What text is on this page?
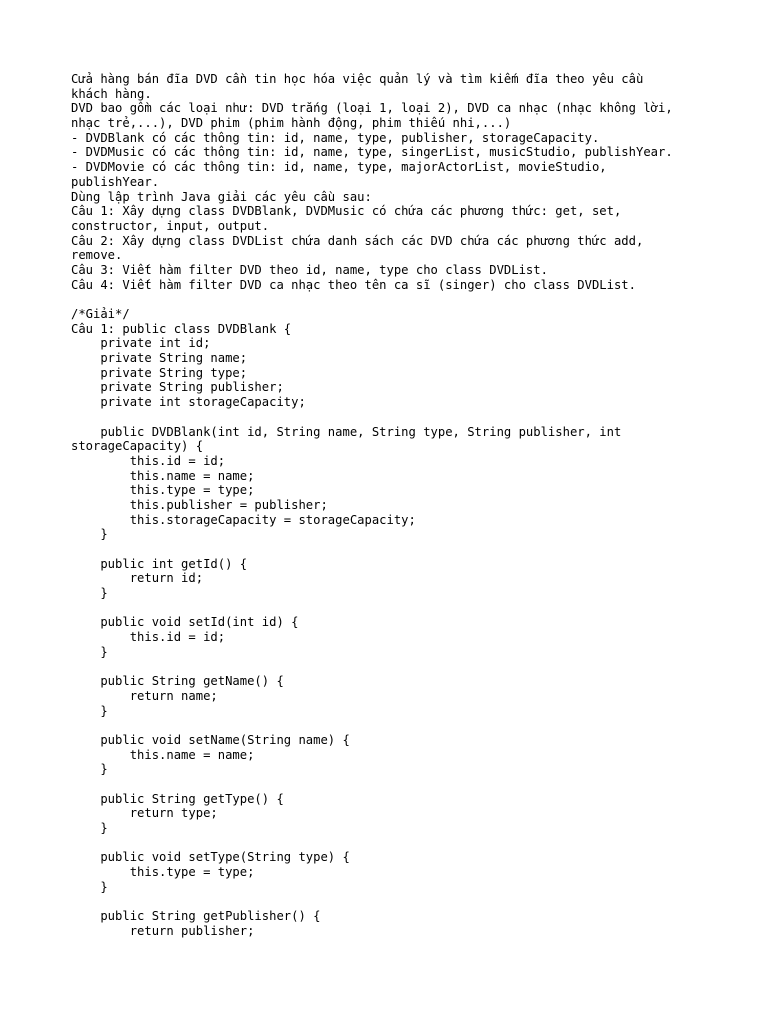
Cửa hàng bán đĩa DVD cần tin học hóa việc quản lý và tìm kiếm đĩa theo yêu cầu
khách hàng.
DVD bao gồm các loại như: DVD trắng (loại 1, loại 2), DVD ca nhạc (nhạc không lời,
nhạc trẻ,...), DVD phim (phim hành động, phim thiếu nhi,...)
- DVDBlank có các thông tin: id, name, type, publisher, storageCapacity.
- DVDMusic có các thông tin: id, name, type, singerList, musicStudio, publishYear.
- DVDMovie có các thông tin: id, name, type, majorActorList, movieStudio,
publishYear.
Dùng lập trình Java giải các yêu cầu sau:
Câu 1: Xây dựng class DVDBlank, DVDMusic có chứa các phương thức: get, set,
constructor, input, output.
Câu 2: Xây dựng class DVDList chứa danh sách các DVD chứa các phương thức add,
remove.
Câu 3: Viết hàm filter DVD theo id, name, type cho class DVDList.
Câu 4: Viết hàm filter DVD ca nhạc theo tên ca sĩ (singer) cho class DVDList.
/*Giải*/
Câu 1: public class DVDBlank {
private int id;
private String name;
private String type;
private String publisher;
private int storageCapacity;
public DVDBlank(int id, String name, String type, String publisher, int
storageCapacity) {
this.id = id;
this.name = name;
this.type = type;
this.publisher = publisher;
this.storageCapacity = storageCapacity;
}
public int getId() {
return id;
}
public void setId(int id) {
this.id = id;
}
public String getName() {
return name;
}
public void setName(String name) {
this.name = name;
}
public String getType() {
return type;
}
public void setType(String type) {
this.type = type;
}
public String getPublisher() {
return publisher;
